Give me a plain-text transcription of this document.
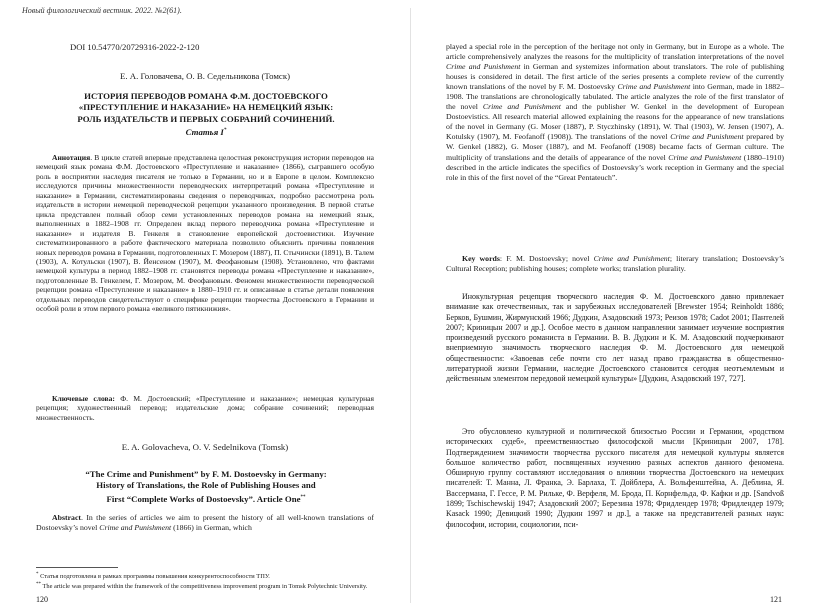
Новый филологический вестник. 2022. №2(61).
DOI 10.54770/20729316-2022-2-120
Е. А. Головачева, О. В. Седельникова (Томск)
ИСТОРИЯ ПЕРЕВОДОВ РОМАНА Ф.М. ДОСТОЕВСКОГО
«ПРЕСТУПЛЕНИЕ И НАКАЗАНИЕ» НА НЕМЕЦКИЙ ЯЗЫК:
РОЛЬ ИЗДАТЕЛЬСТВ И ПЕРВЫХ СОБРАНИЙ СОЧИНЕНИЙ.
Статья I*
Аннотация. В цикле статей впервые представлена целостная реконструкция истории переводов на немецкий язык романа Ф.М. Достоевского «Преступление и наказание» (1866), сыгравшего особую роль в восприятии наследия писателя не только в Германии, но и в Европе в целом. Комплексно исследуются причины множественности переводческих интерпретаций романа «Преступление и наказание» в Германии, систематизированы сведения о переводчиках, подробно рассмотрена роль издательств в истории немецкой переводческой рецепции указанного произведения. В первой статье цикла представлен полный обзор семи установленных переводов романа на немецкий язык, выполненных в 1882–1908 гг. Определен вклад первого переводчика романа «Преступление и наказание» и издателя В. Генкеля в становление европейской достоевистики. Изучение систематизированного в работе фактического материала позволило объяснить причины появления новых переводов романа в Германии, подготовленных Г. Мозером (1887), П. Стычински (1891), В. Талем (1903), А. Котульски (1907), В. Йенсеном (1907), М. Феофановым (1908). Установлено, что фактами немецкой культуры в период 1882–1908 гг. становятся переводы романа «Преступление и наказание», подготовленные В. Генкелем, Г. Мозером, М. Феофановым. Феномен множественности переводческой рецепции романа «Преступление и наказание» в 1880–1910 гг. и описанные в статье детали появления отдельных переводов свидетельствуют о специфике рецепции творчества Достоевского в Германии и особой роли в этом первого романа «великого пятикнижия».
Ключевые слова: Ф. М. Достоевский; «Преступление и наказание»; немецкая культурная рецепция; художественный перевод; издательские дома; собрание сочинений; переводная множественность.
E. A. Golovacheva, O. V. Sedelnikova (Tomsk)
“The Crime and Punishment” by F. M. Dostoevsky in Germany:
History of Translations, the Role of Publishing Houses and
First “Complete Works of Dostoevsky”. Article One**
Abstract. In the series of articles we aim to present the history of all well-known translations of Dostoevsky’s novel Crime and Punishment (1866) in German, which
* Статья подготовлена в рамках программы повышения конкурентоспособности ТПУ.
** The article was prepared within the framework of the competitiveness improvement program in Tomsk Polytechnic University.
120
played a special role in the perception of the heritage not only in Germany, but in Europe as a whole. The article comprehensively analyzes the reasons for the multiplicity of translation interpretations of the novel Crime and Punishment in German and systemizes information about translators. The role of publishing houses is considered in detail. The first article of the series presents a complete review of the currently known translations of the novel by F. M. Dostoevsky Crime and Punishment into German, made in 1882–1908. The translations are chronologically tabulated. The article analyzes the role of the first translator of the novel Crime and Punishment and the publisher W. Genkel in the development of European Dostoevistics. All research material allowed explaining the reasons for the appearance of new translations of the novel in Germany (G. Moser (1887), P. Styczhinsky (1891), W. Thal (1903), W. Jensen (1907), A. Kotulsky (1907), M. Feofanoff (1908)). The translations of the novel Crime and Punishment prepared by W. Genkel (1882), G. Moser (1887), and M. Feofanoff (1908) became facts of German culture. The multiplicity of translations and the details of appearance of the novel Crime and Punishment (1880–1910) described in the article indicates the specifics of Dostoevsky’s work reception in Germany and the special role in this of the first novel of the “Great Pentateuch”.
Key words: F. M. Dostoevsky; novel Crime and Punishment; literary translation; Dostoevsky’s Cultural Reception; publishing houses; complete works; translation plurality.
Инокультурная рецепция творческого наследия Ф. М. Достоевского давно привлекает внимание как отечественных, так и зарубежных исследователей [Brewster 1954; Reinholdt 1886; Берков, Бушмин, Жирмунский 1966; Дудкин, Азадовский 1973; Реизов 1978; Cadot 2001; Пантелей 2007; Криницын 2007 и др.]. Особое место в данном направлении занимает изучение восприятия произведений русского романиста в Германии. В. В. Дудкин и К. М. Азадовский подчеркивают внеприемную значимость творческого наследия Ф. М. Достоевского для немецкой общественности: «Завоевав себе почти сто лет назад право гражданства в общественно-литературной жизни Германии, наследие Достоевского становится сегодня неотъемлемым и действенным элементом передовой немецкой культуры» [Дудкин, Азадовский 197, 727].
Это обусловлено культурной и политической близостью России и Германии, «родством исторических судеб», преемственностью философской мысли [Криницын 2007, 178]. Подтверждением значимости творчества русского писателя для немецкой культуры является большое количество работ, посвященных изучению разных аспектов данного феномена. Обширную группу составляют исследования о влиянии творчества Достоевского на немецких писателей: Т. Манна, Л. Франка, Э. Барлаха, Т. Дойблера, А. Вольфенштейна, А. Деблина, Я. Вассермана, Г. Гессе, Р. М. Рильке, Ф. Верфеля, М. Брода, П. Корнфельда, Ф. Кафки и др. [Sandvoß 1899; Tschischewskij 1947; Азадовский 2007; Березина 1978; Фридлендер 1978; Фридлендер 1979; Kasack 1990; Девицкий 1990; Дудкин 1997 и др.], а также на представителей разных наук: философии, истории, социологии, пси-
121
